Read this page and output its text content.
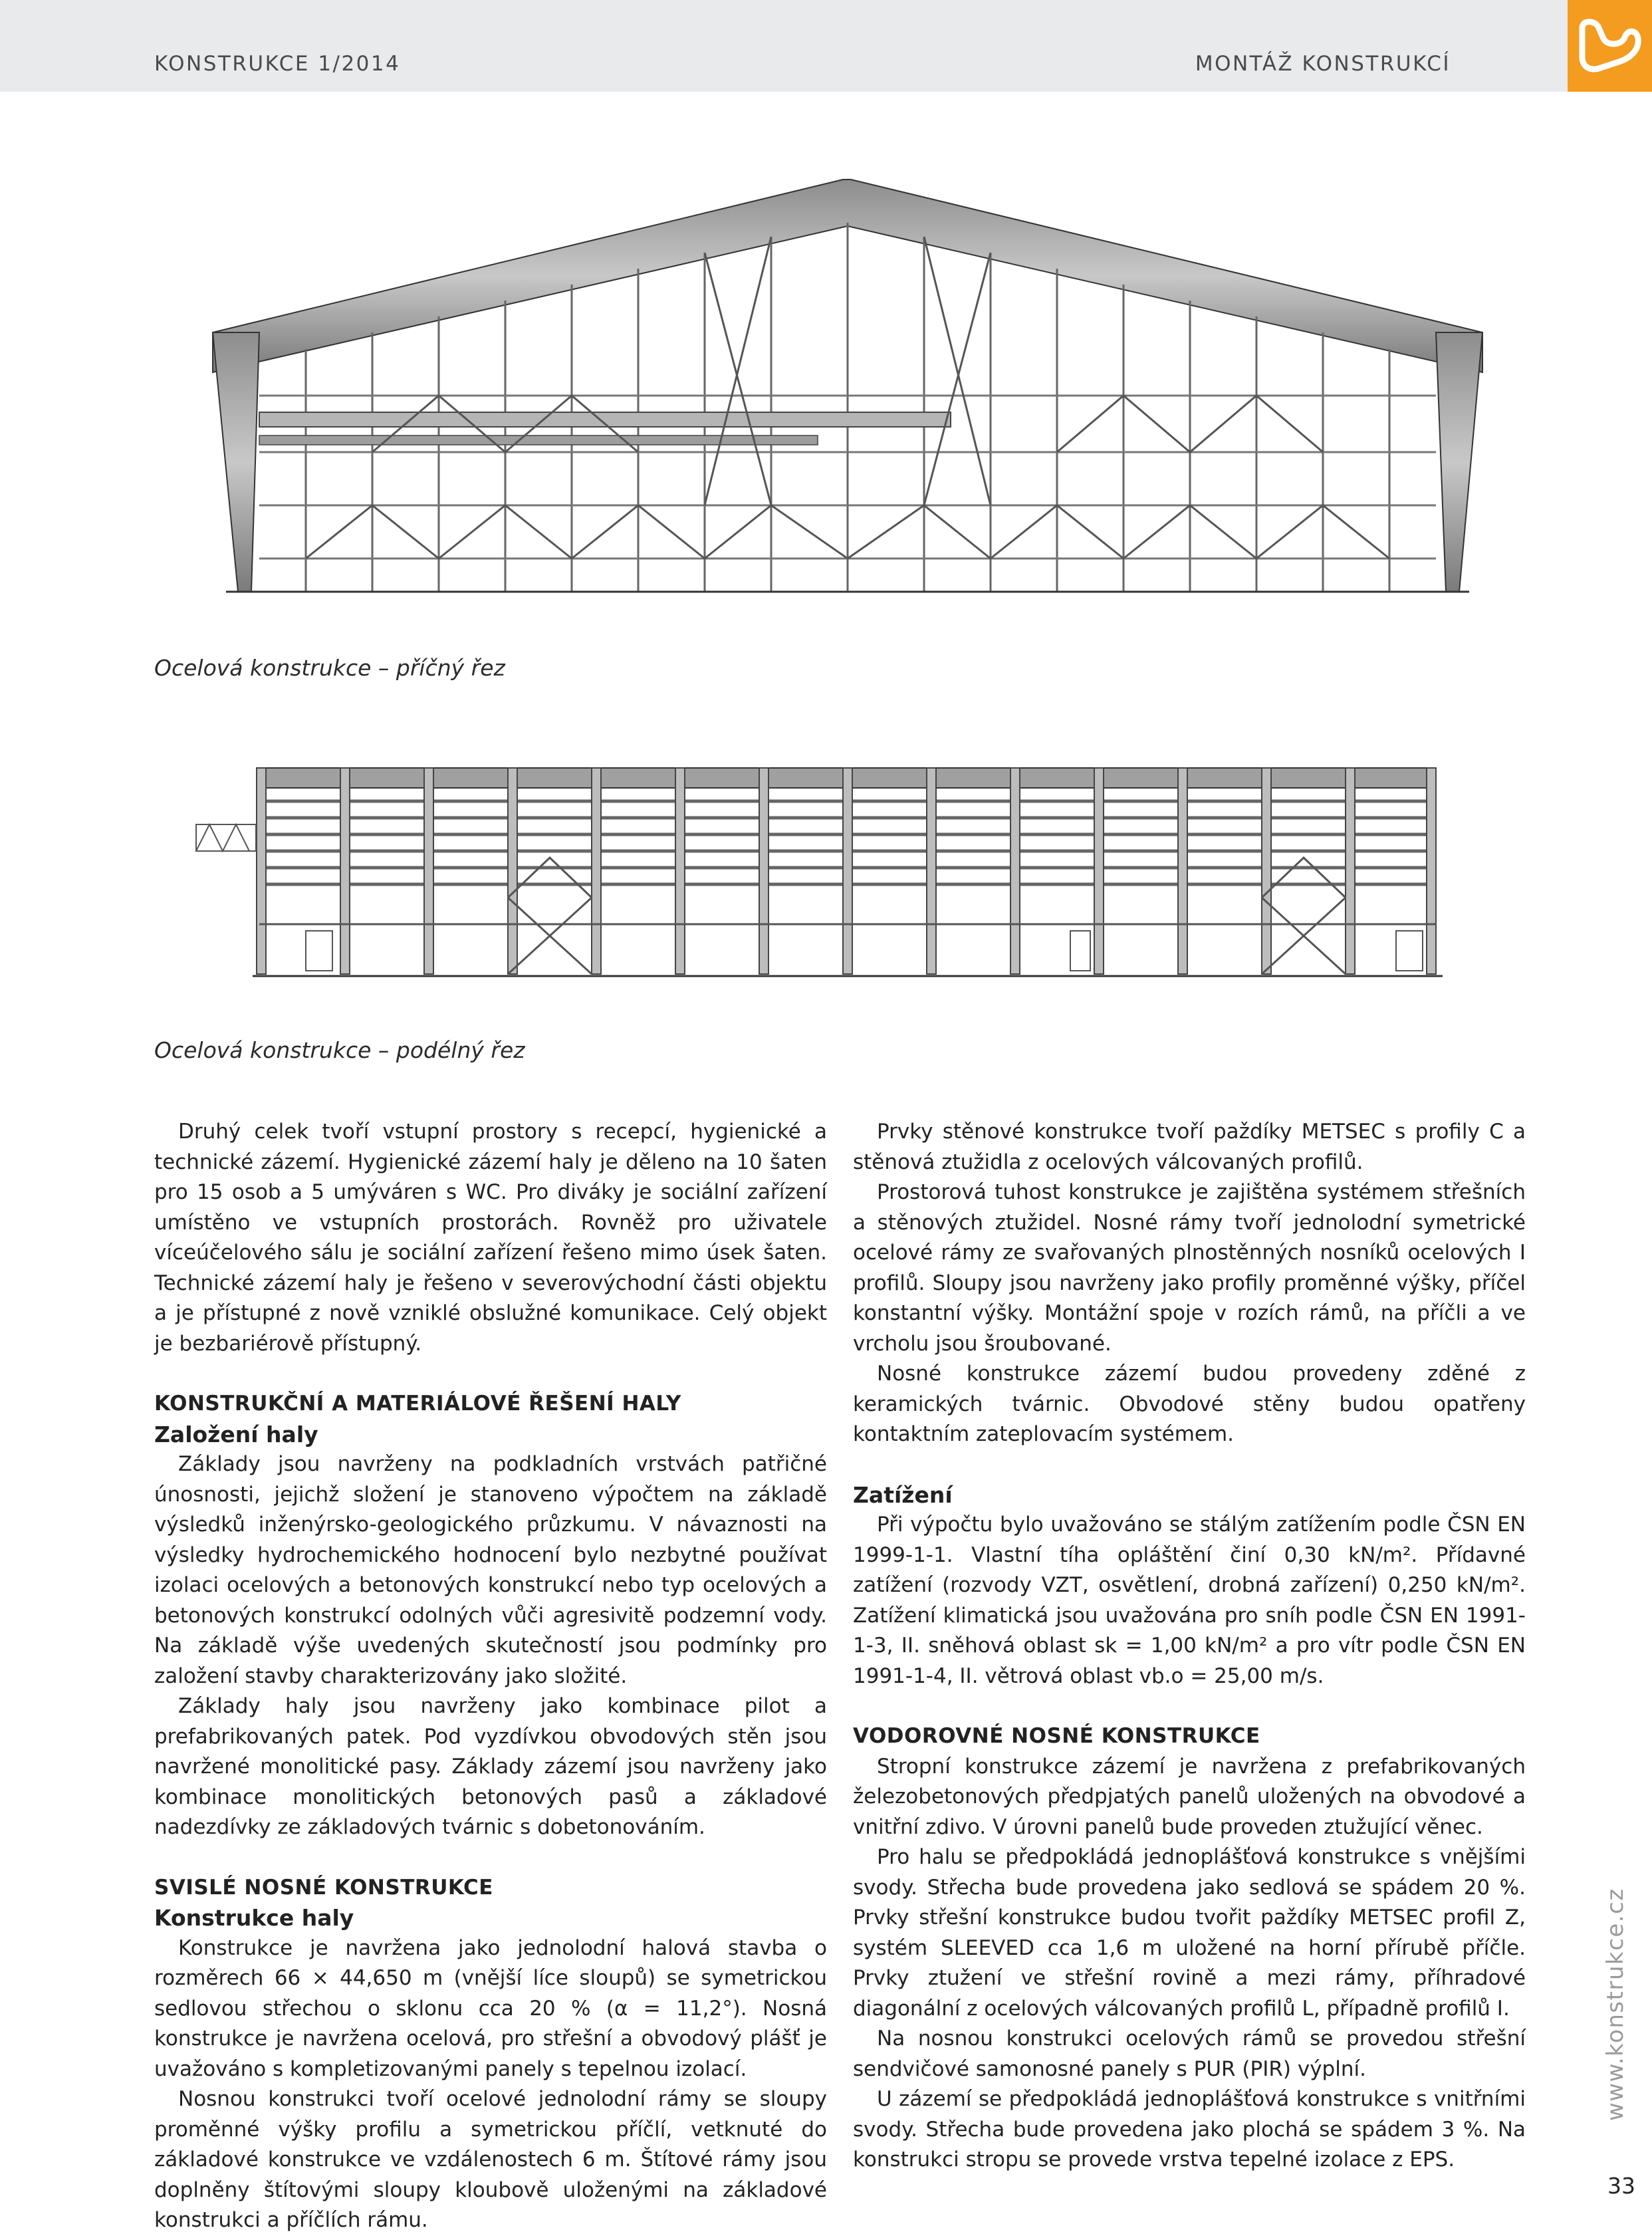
KONSTRUKCE 1/2014	MONTÁŽ KONSTRUKCÍ
Ocelová konstrukce – příčný řez
Ocelová konstrukce – podélný řez

Druhý celek tvoří vstupní prostory s recepcí, hygienické a technické zázemí. Hygienické zázemí haly je děleno na 10 šaten pro 15 osob a 5 umýváren s WC. Pro diváky je sociální zařízení umístěno ve vstupních prostorách. Rovněž pro uživatele víceúčelového sálu je sociální zařízení řešeno mimo úsek šaten. Technické zázemí haly je řešeno v severovýchodní části objektu a je přístupné z nově vzniklé obslužné komunikace. Celý objekt je bezbariérově přístupný.

KONSTRUKČNÍ A MATERIÁLOVÉ ŘEŠENÍ HALY
Založení haly

Základy jsou navrženy na podkladních vrstvách patřičné únosnosti, jejichž složení je stanoveno výpočtem na základě výsledků inženýrsko-geologického průzkumu. V návaznosti na výsledky hydrochemického hodnocení bylo nezbytné používat izolaci ocelových a betonových konstrukcí nebo typ ocelových a betonových konstrukcí odolných vůči agresivitě podzemní vody. Na základě výše uvedených skutečností jsou podmínky pro založení stavby charakterizovány jako složité.

Základy haly jsou navrženy jako kombinace pilot a prefabrikovaných patek. Pod vyzdívkou obvodových stěn jsou navržené monolitické pasy. Základy zázemí jsou navrženy jako kombinace monolitických betonových pasů a základové nadezdívky ze základových tvárnic s dobetonováním.

SVISLÉ NOSNÉ KONSTRUKCE
Konstrukce haly

Konstrukce je navržena jako jednolodní halová stavba o rozměrech 66 × 44,650 m (vnější líce sloupů) se symetrickou sedlovou střechou o sklonu cca 20 % (α = 11,2°). Nosná konstrukce je navržena ocelová, pro střešní a obvodový plášť je uvažováno s kompletizovanými panely s tepelnou izolací.

Nosnou konstrukci tvoří ocelové jednolodní rámy se sloupy proměnné výšky profilu a symetrickou příčlí, vetknuté do základové konstrukce ve vzdálenostech 6 m. Štítové rámy jsou doplněny štítovými sloupy kloubově uloženými na základové konstrukci a příčlích rámu.

Prvky stěnové konstrukce tvoří paždíky METSEC s profily C a stěnová ztužidla z ocelových válcovaných profilů.

Prostorová tuhost konstrukce je zajištěna systémem střešních a stěnových ztužidel. Nosné rámy tvoří jednolodní symetrické ocelové rámy ze svařovaných plnostěnných nosníků ocelových I profilů. Sloupy jsou navrženy jako profily proměnné výšky, příčel konstantní výšky. Montážní spoje v rozích rámů, na příčli a ve vrcholu jsou šroubované.

Nosné konstrukce zázemí budou provedeny zděné z keramických tvárnic. Obvodové stěny budou opatřeny kontaktním zateplovacím systémem.

Zatížení

Při výpočtu bylo uvažováno se stálým zatížením podle ČSN EN 1999-1-1. Vlastní tíha opláštění činí 0,30 kN/m². Přídavné zatížení (rozvody VZT, osvětlení, drobná zařízení) 0,250 kN/m². Zatížení klimatická jsou uvažována pro sníh podle ČSN EN 1991-1-3, II. sněhová oblast sk = 1,00 kN/m² a pro vítr podle ČSN EN 1991-1-4, II. větrová oblast vb.o = 25,00 m/s.

VODOROVNÉ NOSNÉ KONSTRUKCE

Stropní konstrukce zázemí je navržena z prefabrikovaných železobetonových předpjatých panelů uložených na obvodové a vnitřní zdivo. V úrovni panelů bude proveden ztužující věnec.

Pro halu se předpokládá jednoplášťová konstrukce s vnějšími svody. Střecha bude provedena jako sedlová se spádem 20 %. Prvky střešní konstrukce budou tvořit paždíky METSEC profil Z, systém SLEEVED cca 1,6 m uložené na horní přírubě příčle. Prvky ztužení ve střešní rovině a mezi rámy, příhradové diagonální z ocelových válcovaných profilů L, případně profilů I.

Na nosnou konstrukci ocelových rámů se provedou střešní sendvičové samonosné panely s PUR (PIR) výplní.

U zázemí se předpokládá jednoplášťová konstrukce s vnitřními svody. Střecha bude provedena jako plochá se spádem 3 %. Na konstrukci stropu se provede vrstva tepelné izolace z EPS.

www.konstrukce.cz
33
